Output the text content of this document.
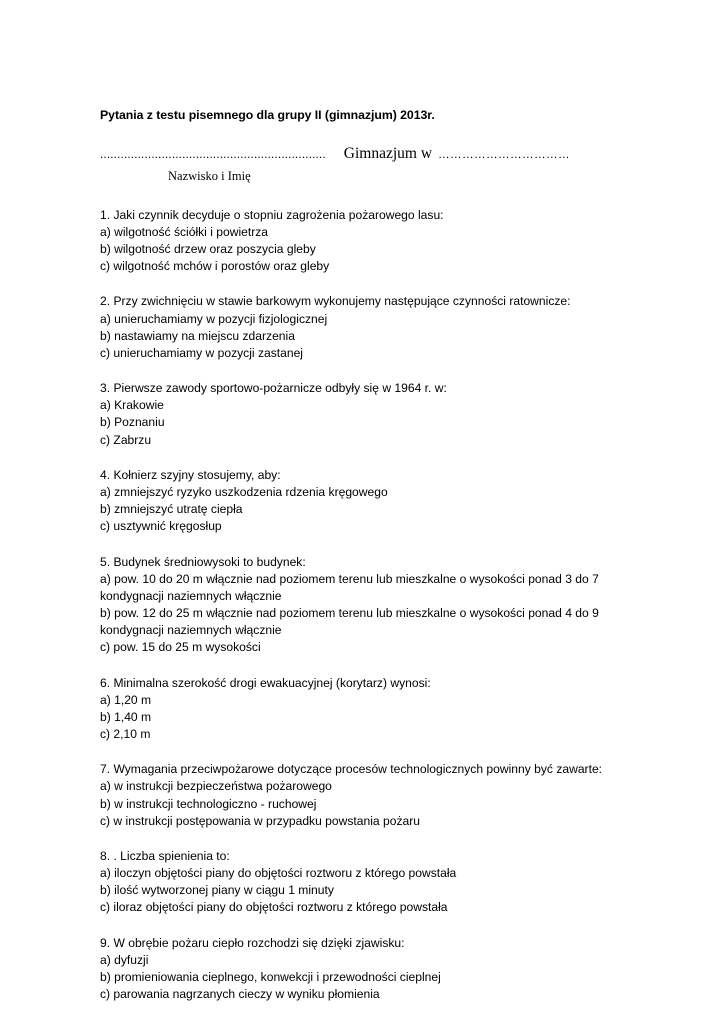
Pytania z testu pisemnego dla grupy II (gimnazjum) 2013r.
.................................................................. Gimnazjum w ……………………………
Nazwisko i Imię

1. Jaki czynnik decyduje o stopniu zagrożenia pożarowego lasu:

a) wilgotność ściółki i powietrza

b) wilgotność drzew oraz poszycia gleby

c) wilgotność mchów i porostów oraz gleby

2. Przy zwichnięciu w stawie barkowym wykonujemy następujące czynności ratownicze:

a) unieruchamiamy w pozycji fizjologicznej

b) nastawiamy na miejscu zdarzenia

c) unieruchamiamy w pozycji zastanej

3. Pierwsze zawody sportowo-pożarnicze odbyły się w 1964 r. w:

a) Krakowie

b) Poznaniu

c) Zabrzu

4. Kołnierz szyjny stosujemy, aby:

a) zmniejszyć ryzyko uszkodzenia rdzenia kręgowego

b) zmniejszyć utratę ciepła

c) usztywnić kręgosłup

5. Budynek średniowysoki to budynek:

a) pow. 10 do 20 m włącznie nad poziomem terenu lub mieszkalne o wysokości ponad 3 do 7 kondygnacji naziemnych włącznie

b) pow. 12 do 25 m włącznie nad poziomem terenu lub mieszkalne o wysokości ponad 4 do 9 kondygnacji naziemnych włącznie

c) pow. 15 do 25 m wysokości

6. Minimalna szerokość drogi ewakuacyjnej (korytarz) wynosi:

a) 1,20 m

b) 1,40 m

c) 2,10 m

7. Wymagania przeciwpożarowe dotyczące procesów technologicznych powinny być zawarte:

a) w instrukcji bezpieczeństwa pożarowego

b) w instrukcji technologiczno - ruchowej

c) w instrukcji postępowania w przypadku powstania pożaru

8. . Liczba spienienia to:

a) iloczyn objętości piany do objętości roztworu z którego powstała

b) ilość wytworzonej piany w ciągu 1 minuty

c) iloraz objętości piany do objętości roztworu z którego powstała

9. W obrębie pożaru ciepło rozchodzi się dzięki zjawisku:

a) dyfuzji

b) promieniowania cieplnego, konwekcji i przewodności cieplnej

c) parowania nagrzanych cieczy w wyniku płomienia
